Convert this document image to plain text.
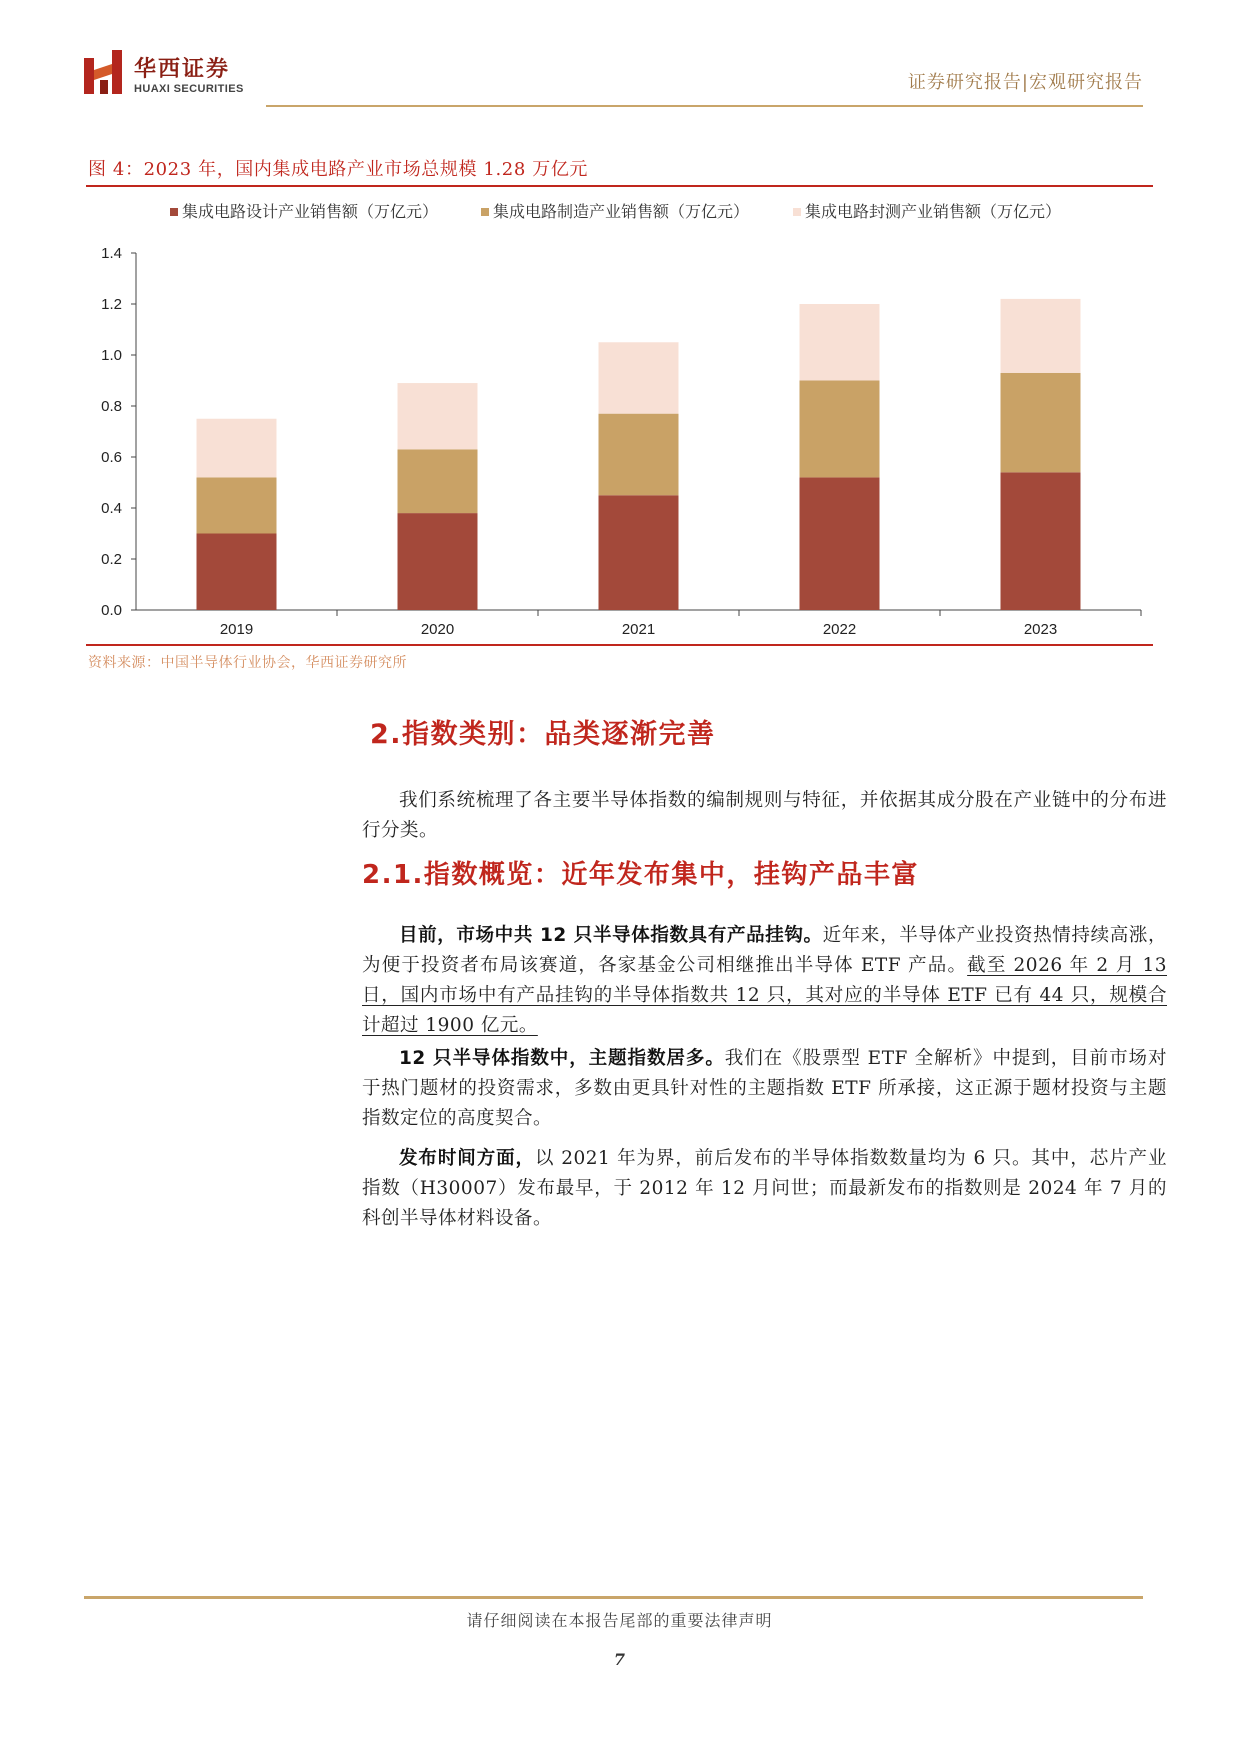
华西证券
HUAXI SECURITIES	证券研究报告|宏观研究报告
图 4：2023 年，国内集成电路产业市场总规模 1.28 万亿元
集成电路设计产业销售额（万亿元）	集成电路制造产业销售额（万亿元）	集成电路封测产业销售额（万亿元）
0.0
0.2
0.4
0.6
0.8
1.0
1.2
1.4
2019	2020	2021	2022	2023
资料来源：中国半导体行业协会，华西证券研究所
2.指数类别：品类逐渐完善
我们系统梳理了各主要半导体指数的编制规则与特征，并依据其成分股在产业链中的分布进行分类。
2.1.指数概览：近年发布集中，挂钩产品丰富
目前，市场中共 12 只半导体指数具有产品挂钩。近年来，半导体产业投资热情持续高涨，为便于投资者布局该赛道，各家基金公司相继推出半导体 ETF 产品。截至 2026 年 2 月 13 日，国内市场中有产品挂钩的半导体指数共 12 只，其对应的半导体 ETF 已有 44 只，规模合计超过 1900 亿元。
12 只半导体指数中，主题指数居多。我们在《股票型 ETF 全解析》中提到，目前市场对于热门题材的投资需求，多数由更具针对性的主题指数 ETF 所承接，这正源于题材投资与主题指数定位的高度契合。
发布时间方面，以 2021 年为界，前后发布的半导体指数数量均为 6 只。其中，芯片产业指数（H30007）发布最早，于 2012 年 12 月问世；而最新发布的指数则是 2024 年 7 月的科创半导体材料设备。
请仔细阅读在本报告尾部的重要法律声明
7
